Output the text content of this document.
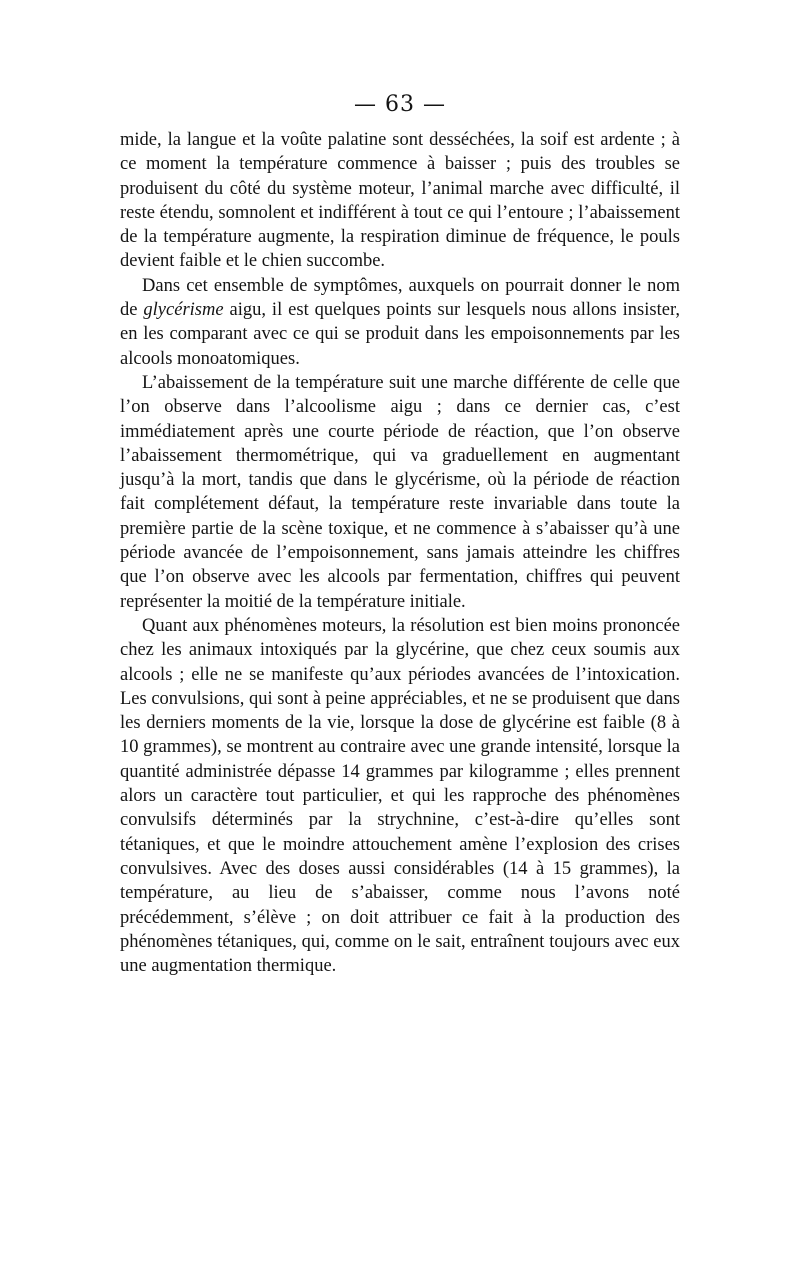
— 63 —

mide, la langue et la voûte palatine sont desséchées, la soif est ardente ; à ce moment la température commence à baisser ; puis des troubles se produisent du côté du système moteur, l’animal marche avec difficulté, il reste étendu, somnolent et indifférent à tout ce qui l’entoure ; l’abaissement de la température augmente, la respiration diminue de fréquence, le pouls devient faible et le chien succombe.

Dans cet ensemble de symptômes, auxquels on pourrait donner le nom de glycérisme aigu, il est quelques points sur lesquels nous allons insister, en les comparant avec ce qui se produit dans les empoisonnements par les alcools monoatomiques.

L’abaissement de la température suit une marche différente de celle que l’on observe dans l’alcoolisme aigu ; dans ce dernier cas, c’est immédiatement après une courte période de réaction, que l’on observe l’abaissement thermométrique, qui va graduellement en augmentant jusqu’à la mort, tandis que dans le glycérisme, où la période de réaction fait complétement défaut, la température reste invariable dans toute la première partie de la scène toxique, et ne commence à s’abaisser qu’à une période avancée de l’empoisonnement, sans jamais atteindre les chiffres que l’on observe avec les alcools par fermentation, chiffres qui peuvent représenter la moitié de la température initiale.

Quant aux phénomènes moteurs, la résolution est bien moins prononcée chez les animaux intoxiqués par la glycérine, que chez ceux soumis aux alcools ; elle ne se manifeste qu’aux périodes avancées de l’intoxication. Les convulsions, qui sont à peine appréciables, et ne se produisent que dans les derniers moments de la vie, lorsque la dose de glycérine est faible (8 à 10 grammes), se montrent au contraire avec une grande intensité, lorsque la quantité administrée dépasse 14 grammes par kilogramme ; elles prennent alors un caractère tout particulier, et qui les rapproche des phénomènes convulsifs déterminés par la strychnine, c’est-à-dire qu’elles sont tétaniques, et que le moindre attouchement amène l’explosion des crises convulsives. Avec des doses aussi considérables (14 à 15 grammes), la température, au lieu de s’abaisser, comme nous l’avons noté précédemment, s’élève ; on doit attribuer ce fait à la production des phénomènes tétaniques, qui, comme on le sait, entraînent toujours avec eux une augmentation thermique.
